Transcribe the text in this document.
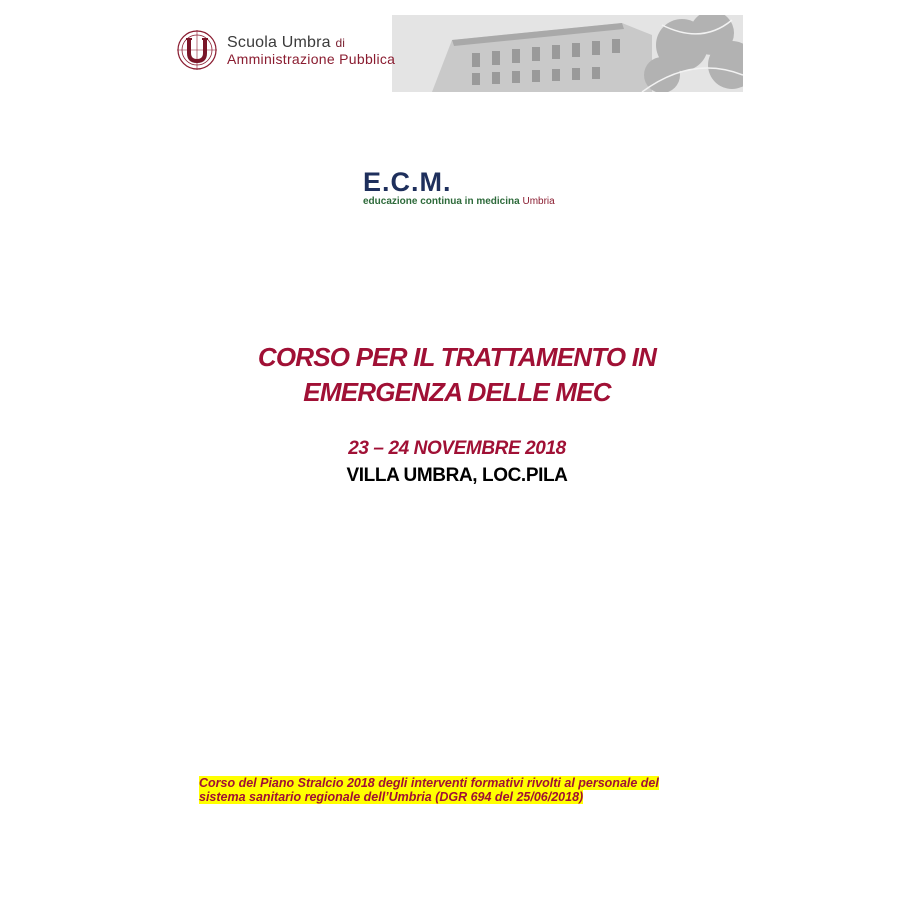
Scuola Umbra di
Amministrazione Pubblica
E.C.M.
educazione continua in medicina Umbria
CORSO PER IL TRATTAMENTO IN
EMERGENZA DELLE MEC
23 – 24 NOVEMBRE 2018
VILLA UMBRA, LOC.PILA
Corso del Piano Stralcio 2018 degli interventi formativi rivolti al personale del
sistema sanitario regionale dell’Umbria (DGR 694 del 25/06/2018)
